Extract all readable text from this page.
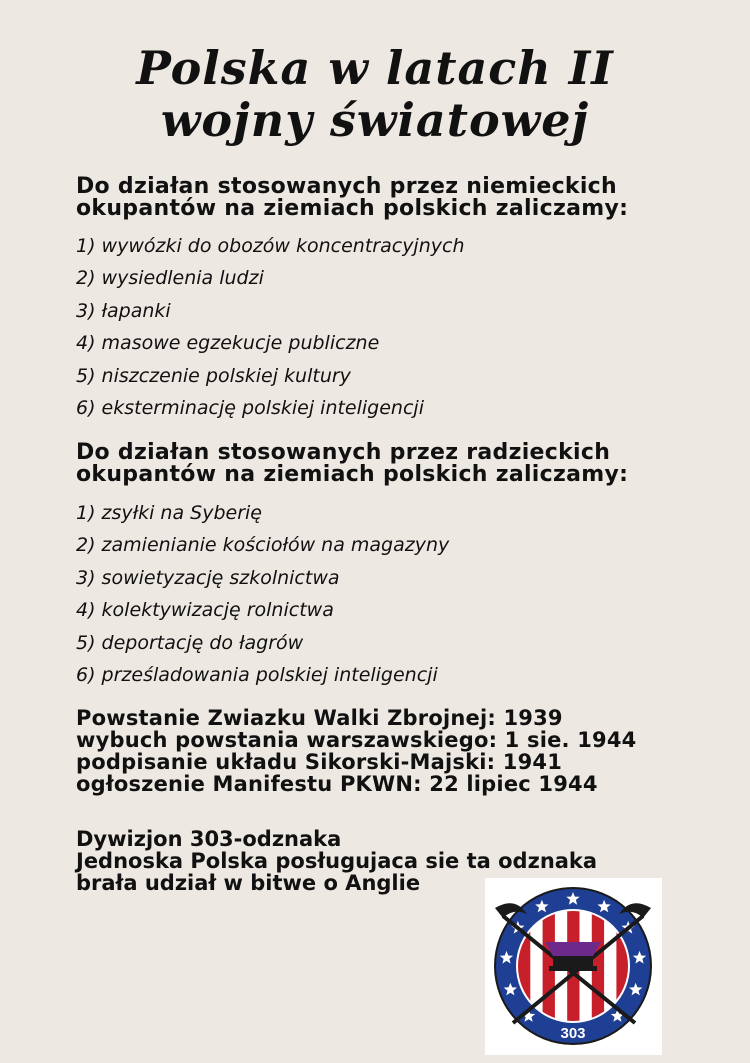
Polska w latach II
wojny światowej
Do działan stosowanych przez niemieckich
okupantów na ziemiach polskich zaliczamy:
1) wywózki do obozów koncentracyjnych
2) wysiedlenia ludzi
3) łapanki
4) masowe egzekucje publiczne
5) niszczenie polskiej kultury
6) eksterminację polskiej inteligencji
Do działan stosowanych przez radzieckich
okupantów na ziemiach polskich zaliczamy:
1) zsyłki na Syberię
2) zamienianie kościołów na magazyny
3) sowietyzację szkolnictwa
4) kolektywizację rolnictwa
5) deportację do łagrów
6) prześladowania polskiej inteligencji
Powstanie Zwiazku Walki Zbrojnej: 1939
wybuch powstania warszawskiego: 1 sie. 1944
podpisanie układu Sikorski-Majski: 1941
ogłoszenie Manifestu PKWN: 22 lipiec 1944
Dywizjon 303-odznaka
Jednoska Polska posługujaca sie ta odznaka
brała udział w bitwe o Anglie
303
